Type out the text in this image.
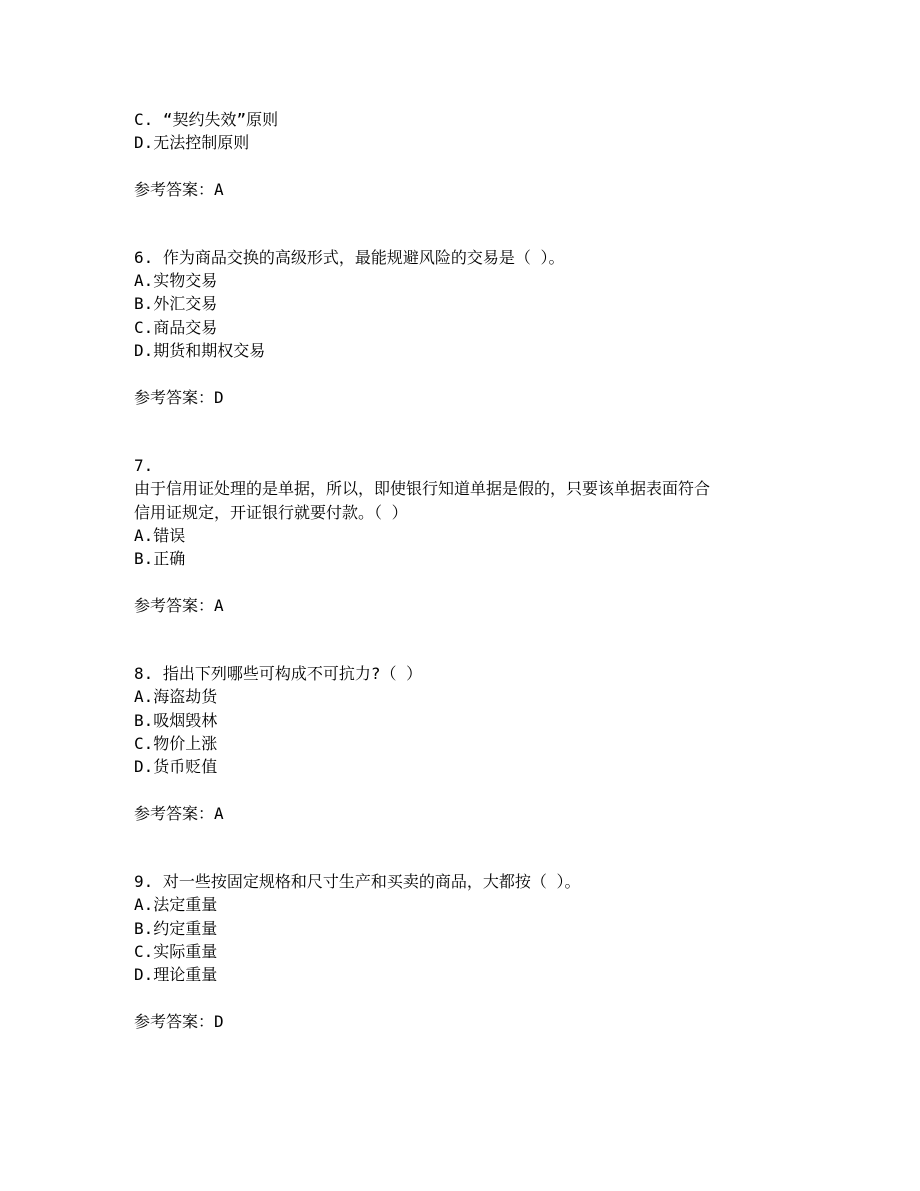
C. “契约失效”原则
D.无法控制原则
参考答案：A
6. 作为商品交换的高级形式，最能规避风险的交易是（ ）。
A.实物交易
B.外汇交易
C.商品交易
D.期货和期权交易
参考答案：D
7.
由于信用证处理的是单据，所以，即使银行知道单据是假的，只要该单据表面符合
信用证规定，开证银行就要付款。（ ）
A.错误
B.正确
参考答案：A
8. 指出下列哪些可构成不可抗力?（ ）
A.海盗劫货
B.吸烟毁林
C.物价上涨
D.货币贬值
参考答案：A
9. 对一些按固定规格和尺寸生产和买卖的商品，大都按（ ）。
A.法定重量
B.约定重量
C.实际重量
D.理论重量
参考答案：D
